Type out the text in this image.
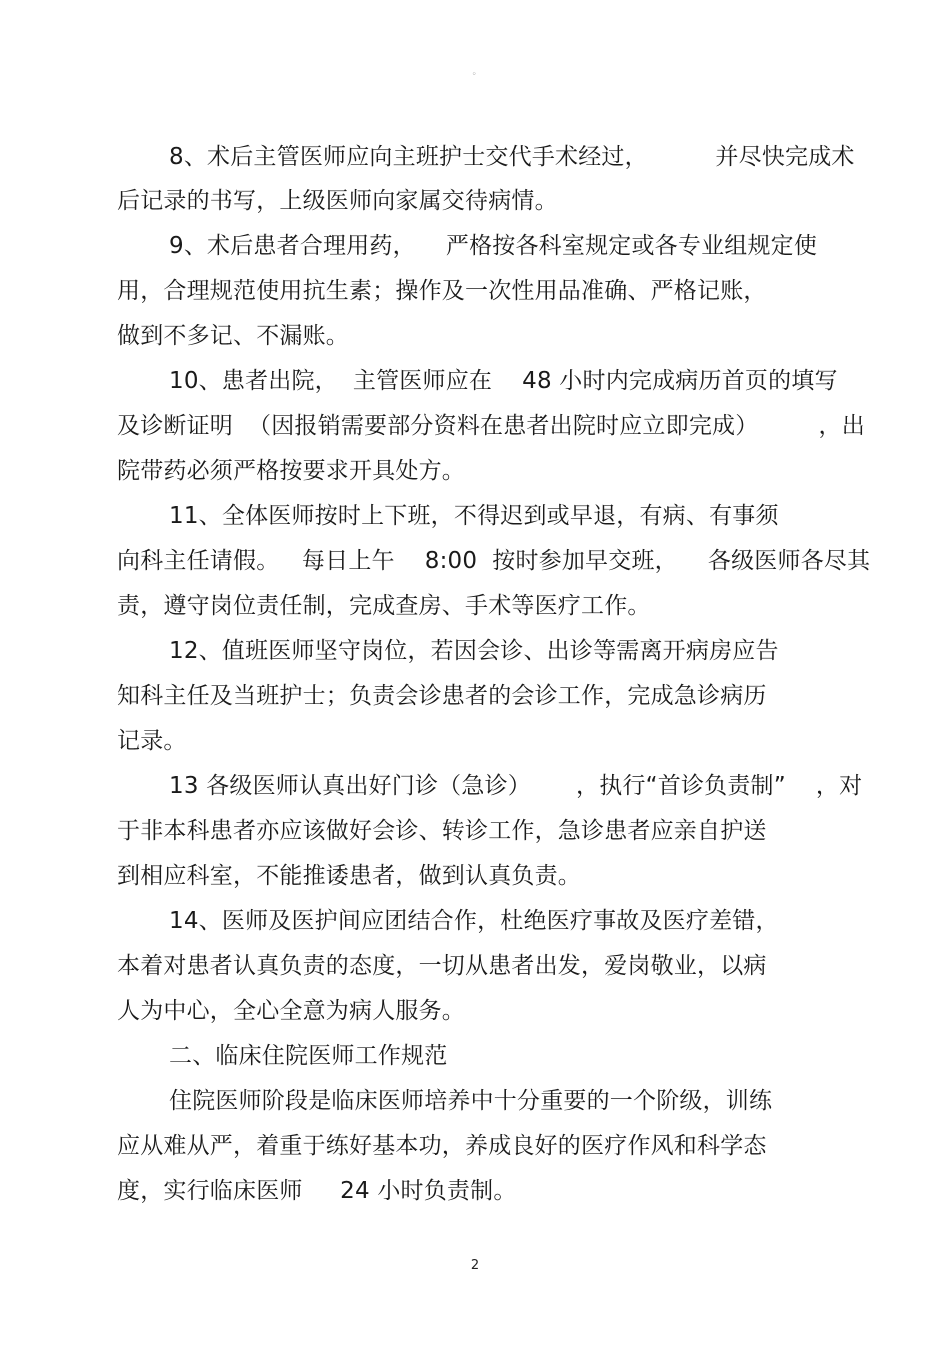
。
8、术后主管医师应向主班护士交代手术经过，         并尽快完成术
后记录的书写，上级医师向家属交待病情。
9、术后患者合理用药，    严格按各科室规定或各专业组规定使
用，合理规范使用抗生素；操作及一次性用品准确、严格记账，
做到不多记、不漏账。
10、患者出院，  主管医师应在    48 小时内完成病历首页的填写
及诊断证明  （因报销需要部分资料在患者出院时应立即完成）        ，出
院带药必须严格按要求开具处方。
11、全体医师按时上下班，不得迟到或早退，有病、有事须
向科主任请假。   每日上午    8:00  按时参加早交班，    各级医师各尽其
责，遵守岗位责任制，完成查房、手术等医疗工作。
12、值班医师坚守岗位，若因会诊、出诊等需离开病房应告
知科主任及当班护士；负责会诊患者的会诊工作，完成急诊病历
记录。
13 各级医师认真出好门诊（急诊）      ，执行“首诊负责制”    ，对
于非本科患者亦应该做好会诊、转诊工作，急诊患者应亲自护送
到相应科室，不能推诿患者，做到认真负责。
14、医师及医护间应团结合作，杜绝医疗事故及医疗差错，
本着对患者认真负责的态度，一切从患者出发，爱岗敬业，以病
人为中心，全心全意为病人服务。
二、临床住院医师工作规范
住院医师阶段是临床医师培养中十分重要的一个阶级，训练
应从难从严，着重于练好基本功，养成良好的医疗作风和科学态
度，实行临床医师     24 小时负责制。
2
